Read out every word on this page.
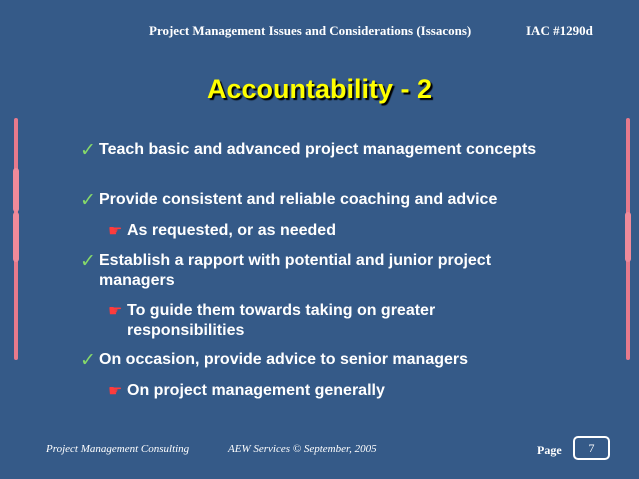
Project Management Issues and Considerations (Issacons)	IAC #1290d
Accountability - 2
✓ Teach basic and advanced project management concepts
✓ Provide consistent and reliable coaching and advice
☛ As requested, or as needed
✓ Establish a rapport with potential and junior project managers
☛ To guide them towards taking on greater responsibilities
✓ On occasion, provide advice to senior managers
☛ On project management generally
Project Management Consulting	AEW Services © September, 2005	Page	7
